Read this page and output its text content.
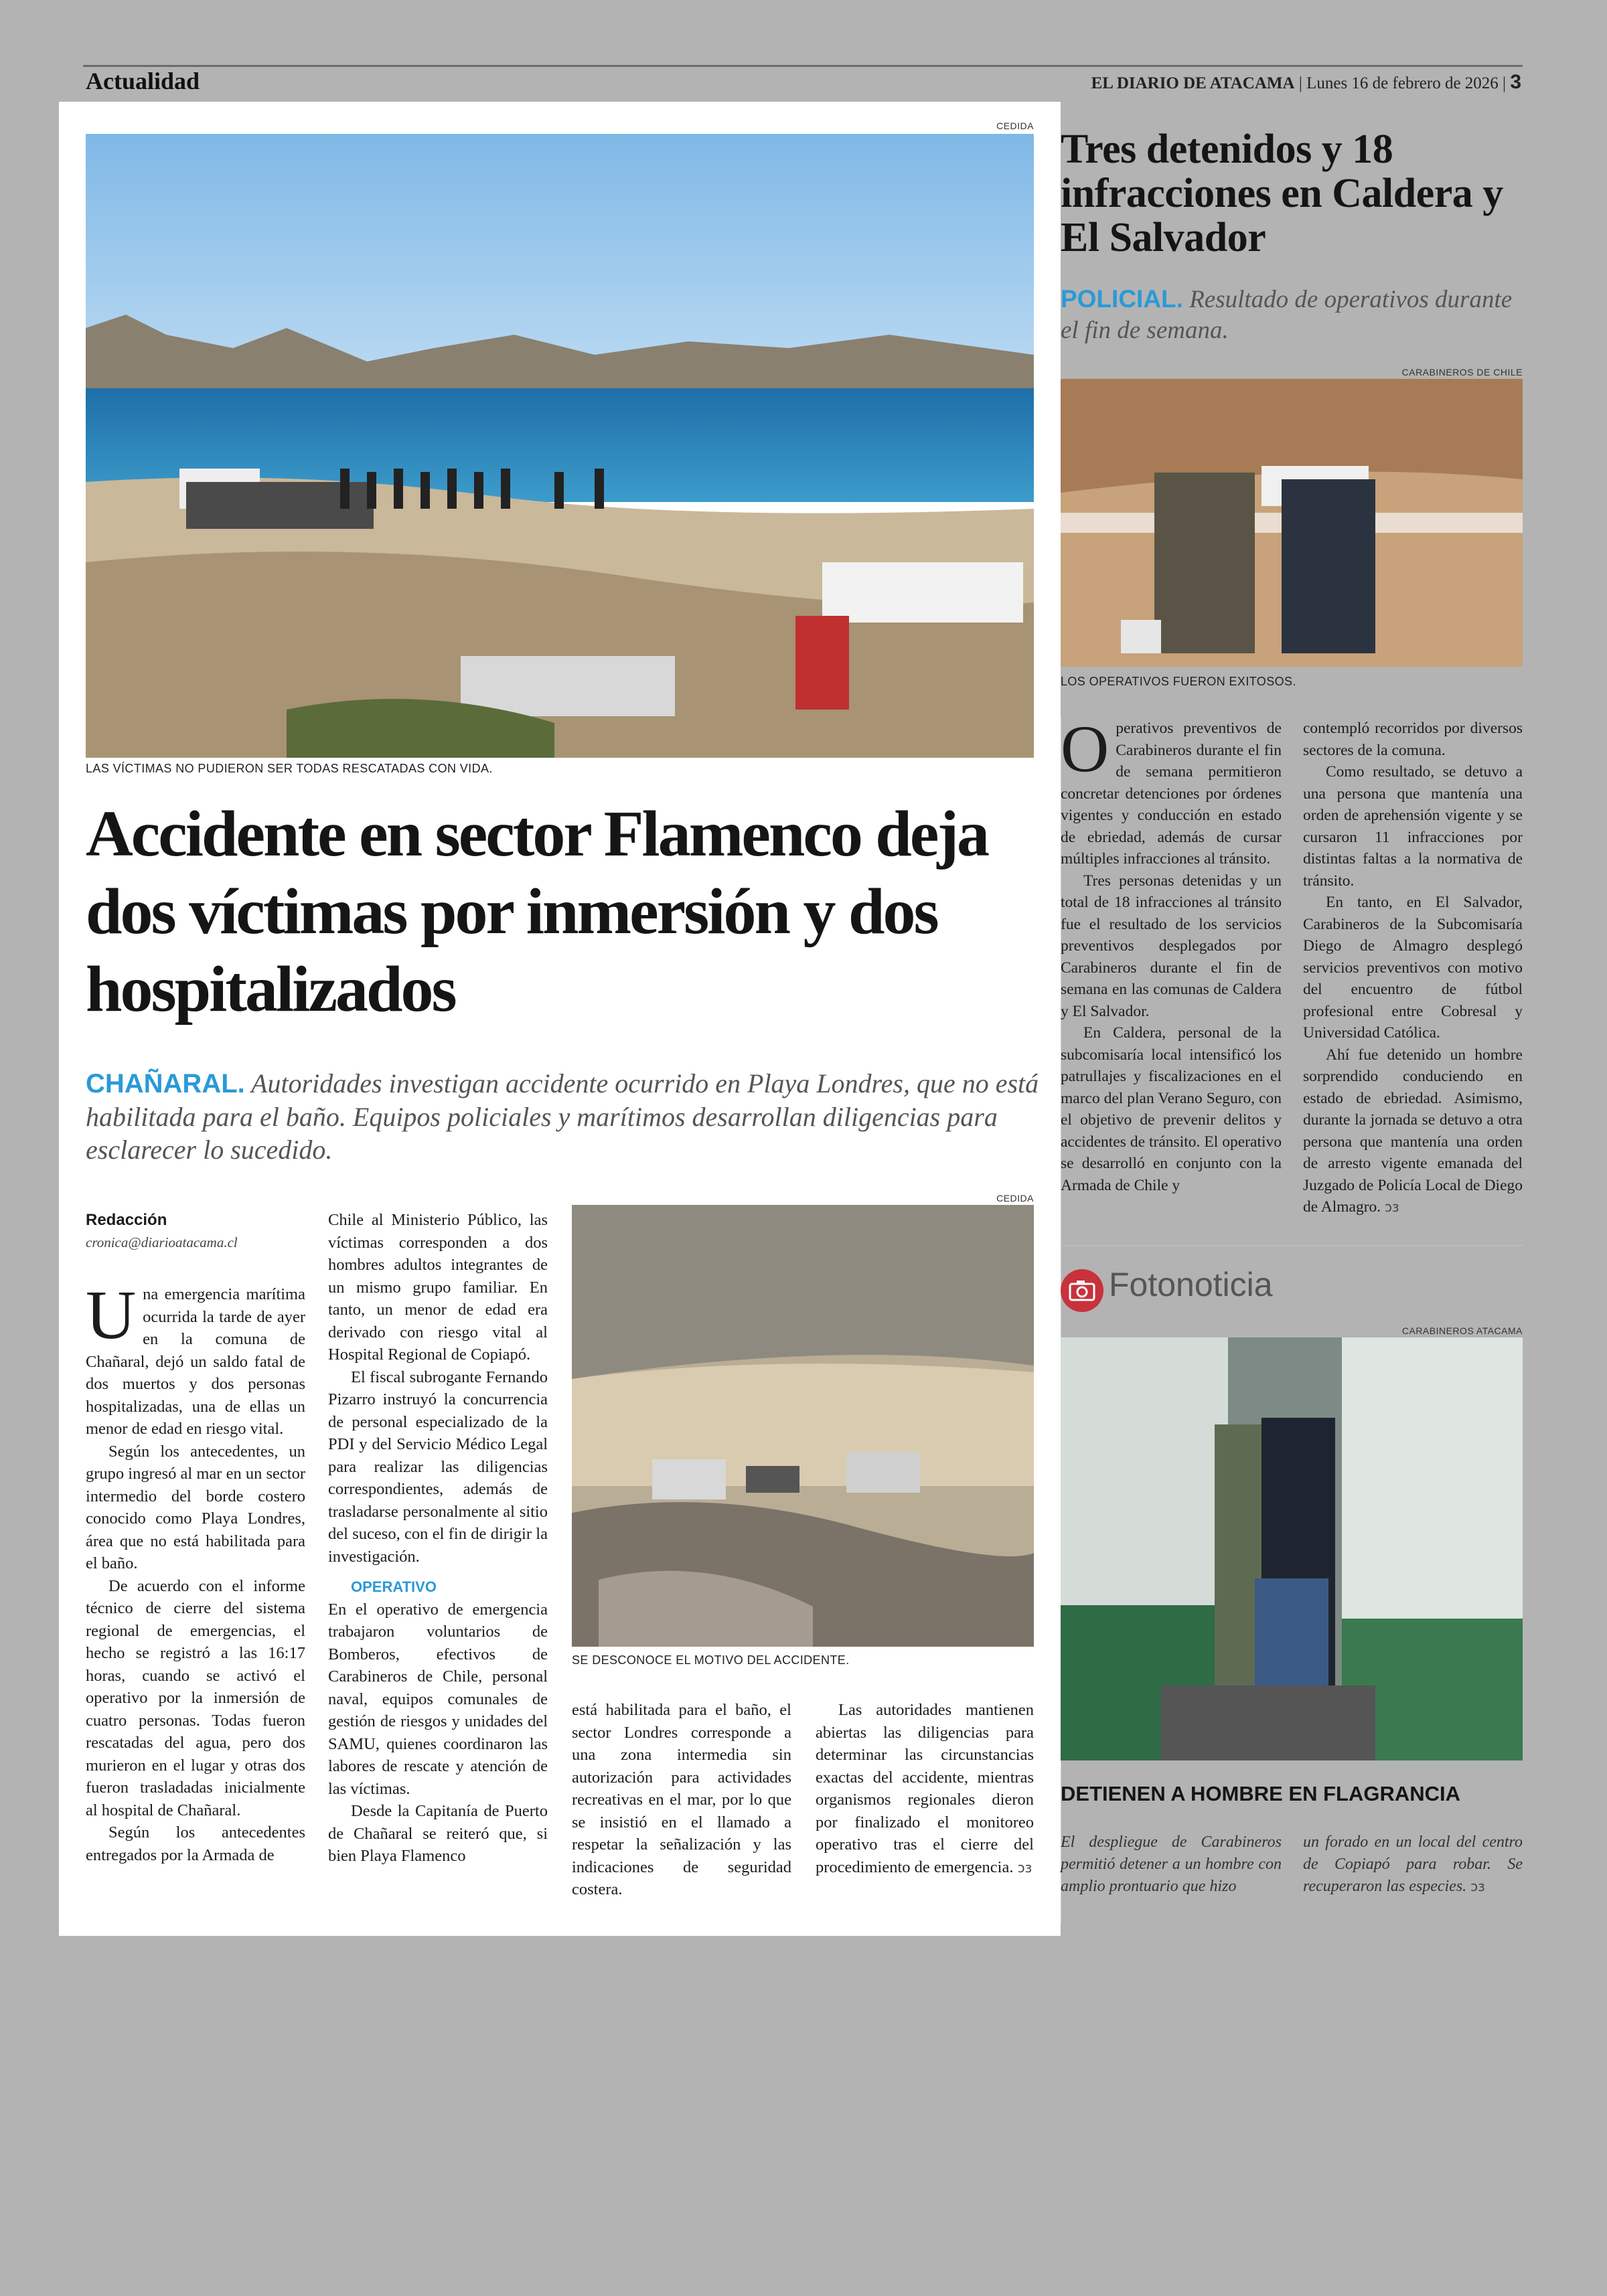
Actualidad	EL DIARIO DE ATACAMA | Lunes 16 de febrero de 2026 | 3
CEDIDA
LAS VÍCTIMAS NO PUDIERON SER TODAS RESCATADAS CON VIDA.
Accidente en sector Flamenco deja dos víctimas por inmersión y dos hospitalizados
CHAÑARAL. Autoridades investigan accidente ocurrido en Playa Londres, que no está habilitada para el baño. Equipos policiales y marítimos desarrollan diligencias para esclarecer lo sucedido.
Redacción
cronica@diarioatacama.cl

Una emergencia marítima ocurrida la tarde de ayer en la comuna de Chañaral, dejó un saldo fatal de dos muertos y dos personas hospitalizadas, una de ellas un menor de edad en riesgo vital.

Según los antecedentes, un grupo ingresó al mar en un sector intermedio del borde costero conocido como Playa Londres, área que no está habilitada para el baño.

De acuerdo con el informe técnico de cierre del sistema regional de emergencias, el hecho se registró a las 16:17 horas, cuando se activó el operativo por la inmersión de cuatro personas. Todas fueron rescatadas del agua, pero dos murieron en el lugar y otras dos fueron trasladadas inicialmente al hospital de Chañaral.

Según los antecedentes entregados por la Armada de

Chile al Ministerio Público, las víctimas corresponden a dos hombres adultos integrantes de un mismo grupo familiar. En tanto, un menor de edad era derivado con riesgo vital al Hospital Regional de Copiapó.

El fiscal subrogante Fernando Pizarro instruyó la concurrencia de personal especializado de la PDI y del Servicio Médico Legal para realizar las diligencias correspondientes, además de trasladarse personalmente al sitio del suceso, con el fin de dirigir la investigación.

OPERATIVO

En el operativo de emergencia trabajaron voluntarios de Bomberos, efectivos de Carabineros de Chile, personal naval, equipos comunales de gestión de riesgos y unidades del SAMU, quienes coordinaron las labores de rescate y atención de las víctimas.

Desde la Capitanía de Puerto de Chañaral se reiteró que, si bien Playa Flamenco

CEDIDA
SE DESCONOCE EL MOTIVO DEL ACCIDENTE.

está habilitada para el baño, el sector Londres corresponde a una zona intermedia sin autorización para actividades recreativas en el mar, por lo que se insistió en el llamado a respetar la señalización y las indicaciones de seguridad costera.

Las autoridades mantienen abiertas las diligencias para determinar las circunstancias exactas del accidente, mientras organismos regionales dieron por finalizado el monitoreo operativo tras el cierre del procedimiento de emergencia. ↄз

Tres detenidos y 18 infracciones en Caldera y El Salvador
POLICIAL. Resultado de operativos durante el fin de semana.
CARABINEROS DE CHILE
LOS OPERATIVOS FUERON EXITOSOS.

Operativos preventivos de Carabineros durante el fin de semana permitieron concretar detenciones por órdenes vigentes y conducción en estado de ebriedad, además de cursar múltiples infracciones al tránsito.

Tres personas detenidas y un total de 18 infracciones al tránsito fue el resultado de los servicios preventivos desplegados por Carabineros durante el fin de semana en las comunas de Caldera y El Salvador.

En Caldera, personal de la subcomisaría local intensificó los patrullajes y fiscalizaciones en el marco del plan Verano Seguro, con el objetivo de prevenir delitos y accidentes de tránsito. El operativo se desarrolló en conjunto con la Armada de Chile y

contempló recorridos por diversos sectores de la comuna.

Como resultado, se detuvo a una persona que mantenía una orden de aprehensión vigente y se cursaron 11 infracciones por distintas faltas a la normativa de tránsito.

En tanto, en El Salvador, Carabineros de la Subcomisaría Diego de Almagro desplegó servicios preventivos con motivo del encuentro de fútbol profesional entre Cobresal y Universidad Católica.

Ahí fue detenido un hombre sorprendido conduciendo en estado de ebriedad. Asimismo, durante la jornada se detuvo a otra persona que mantenía una orden de arresto vigente emanada del Juzgado de Policía Local de Diego de Almagro. ↄз

Fotonoticia
CARABINEROS ATACAMA
DETIENEN A HOMBRE EN FLAGRANCIA
El despliegue de Carabineros permitió detener a un hombre con amplio prontuario que hizo
un forado en un local del centro de Copiapó para robar. Se recuperaron las especies. ↄз
